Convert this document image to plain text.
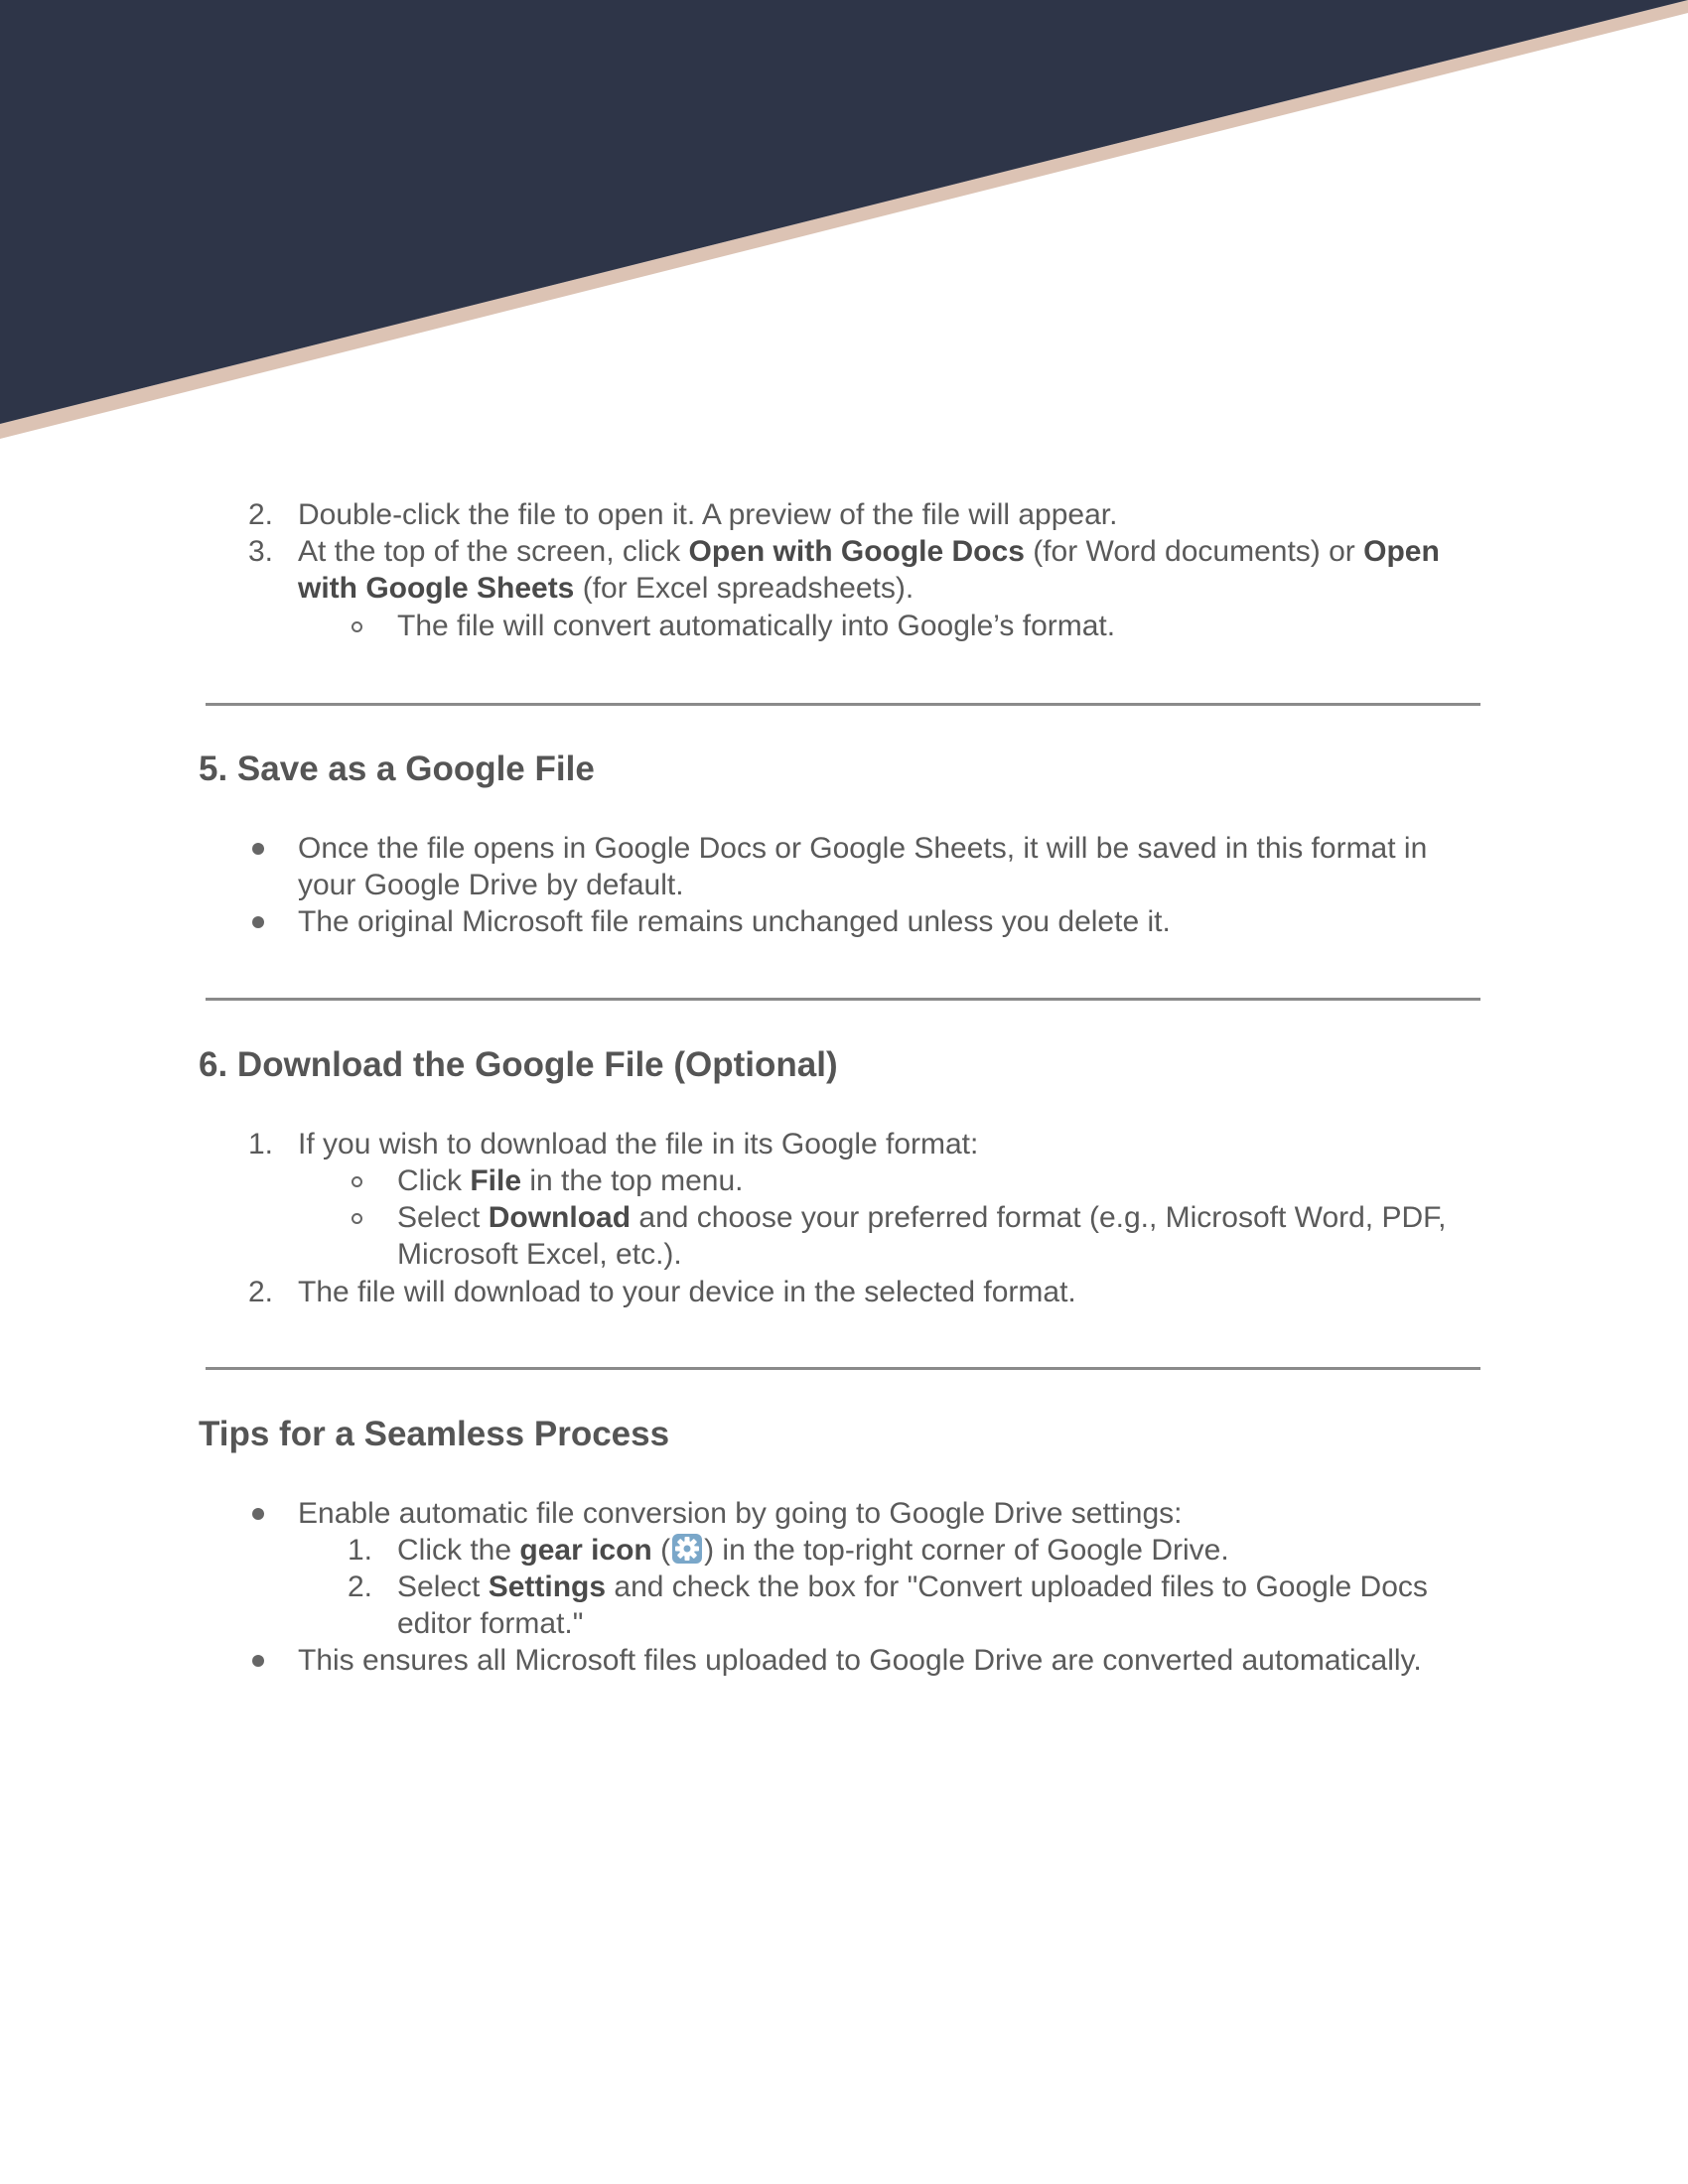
2. Double-click the file to open it. A preview of the file will appear.
3. At the top of the screen, click Open with Google Docs (for Word documents) or Open
with Google Sheets (for Excel spreadsheets).
The file will convert automatically into Google’s format.
5. Save as a Google File
Once the file opens in Google Docs or Google Sheets, it will be saved in this format in
your Google Drive by default.
The original Microsoft file remains unchanged unless you delete it.
6. Download the Google File (Optional)
1. If you wish to download the file in its Google format:
Click File in the top menu.
Select Download and choose your preferred format (e.g., Microsoft Word, PDF,
Microsoft Excel, etc.).
2. The file will download to your device in the selected format.
Tips for a Seamless Process
Enable automatic file conversion by going to Google Drive settings:
1. Click the gear icon ( ) in the top-right corner of Google Drive.
2. Select Settings and check the box for "Convert uploaded files to Google Docs
editor format."
This ensures all Microsoft files uploaded to Google Drive are converted automatically.
